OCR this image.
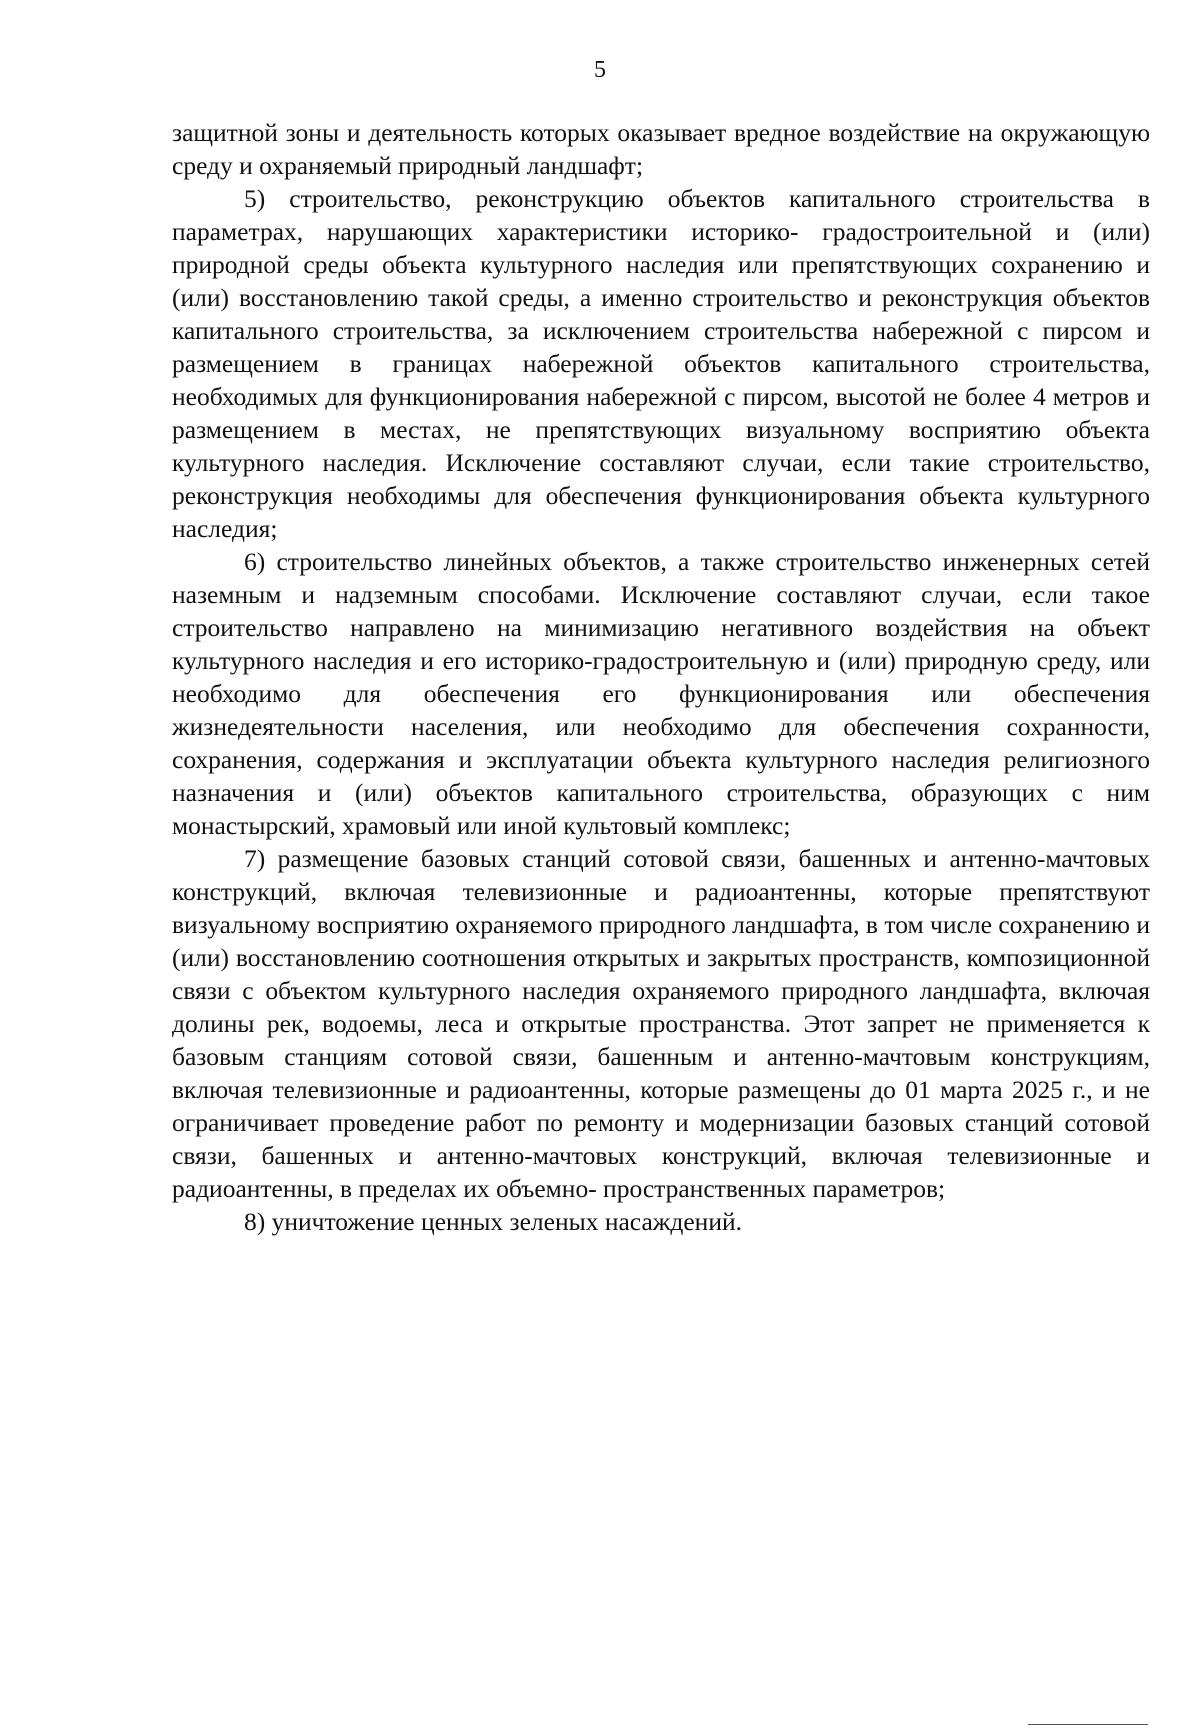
5

защитной зоны и деятельность которых оказывает вредное воздействие на окружающую среду и охраняемый природный ландшафт;

5) строительство, реконструкцию объектов капитального строительства в параметрах, нарушающих характеристики историко- градостроительной и (или) природной среды объекта культурного наследия или препятствующих сохранению и (или) восстановлению такой среды, а именно строительство и реконструкция объектов капитального строительства, за исключением строительства набережной с пирсом и размещением в границах набережной объектов капитального строительства, необходимых для функционирования набережной с пирсом, высотой не более 4 метров и размещением в местах, не препятствующих визуальному восприятию объекта культурного наследия. Исключение составляют случаи, если такие строительство, реконструкция необходимы для обеспечения функционирования объекта культурного наследия;

6) строительство линейных объектов, а также строительство инженерных сетей наземным и надземным способами. Исключение составляют случаи, если такое строительство направлено на минимизацию негативного воздействия на объект культурного наследия и его историко-градостроительную и (или) природную среду, или необходимо для обеспечения его функционирования или обеспечения жизнедеятельности населения, или необходимо для обеспечения сохранности, сохранения, содержания и эксплуатации объекта культурного наследия религиозного назначения и (или) объектов капитального строительства, образующих с ним монастырский, храмовый или иной культовый комплекс;

7) размещение базовых станций сотовой связи, башенных и антенно-мачтовых конструкций, включая телевизионные и радиоантенны, которые препятствуют визуальному восприятию охраняемого природного ландшафта, в том числе сохранению и (или) восстановлению соотношения открытых и закрытых пространств, композиционной связи с объектом культурного наследия охраняемого природного ландшафта, включая долины рек, водоемы, леса и открытые пространства. Этот запрет не применяется к базовым станциям сотовой связи, башенным и антенно-мачтовым конструкциям, включая телевизионные и радиоантенны, которые размещены до 01 марта 2025 г., и не ограничивает проведение работ по ремонту и модернизации базовых станций сотовой связи, башенных и антенно-мачтовых конструкций, включая телевизионные и радиоантенны, в пределах их объемно- пространственных параметров;

8) уничтожение ценных зеленых насаждений.
